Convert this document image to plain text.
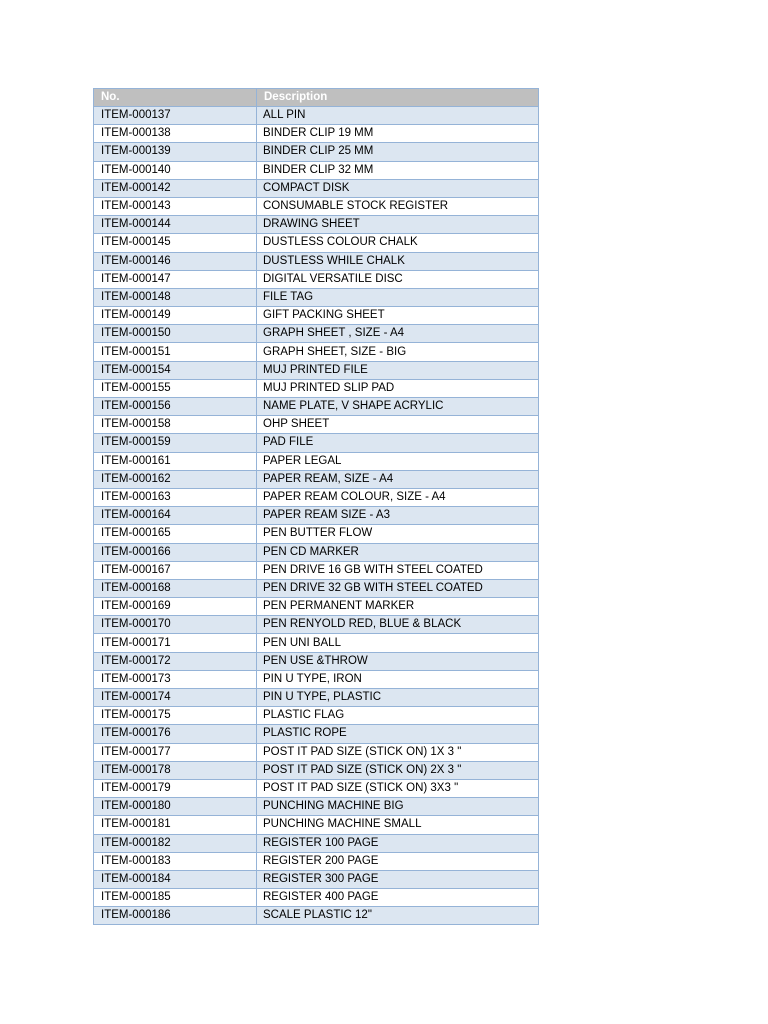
No.	Description
ITEM-000137	ALL PIN
ITEM-000138	BINDER CLIP 19 MM
ITEM-000139	BINDER CLIP 25 MM
ITEM-000140	BINDER CLIP 32 MM
ITEM-000142	COMPACT DISK
ITEM-000143	CONSUMABLE STOCK REGISTER
ITEM-000144	DRAWING SHEET
ITEM-000145	DUSTLESS COLOUR CHALK
ITEM-000146	DUSTLESS WHILE CHALK
ITEM-000147	DIGITAL VERSATILE DISC
ITEM-000148	FILE TAG
ITEM-000149	GIFT PACKING SHEET
ITEM-000150	GRAPH SHEET , SIZE - A4
ITEM-000151	GRAPH SHEET, SIZE - BIG
ITEM-000154	MUJ PRINTED FILE
ITEM-000155	MUJ PRINTED SLIP PAD
ITEM-000156	NAME PLATE, V SHAPE ACRYLIC
ITEM-000158	OHP SHEET
ITEM-000159	PAD FILE
ITEM-000161	PAPER LEGAL
ITEM-000162	PAPER REAM, SIZE - A4
ITEM-000163	PAPER REAM COLOUR, SIZE - A4
ITEM-000164	PAPER REAM SIZE - A3
ITEM-000165	PEN BUTTER FLOW
ITEM-000166	PEN CD MARKER
ITEM-000167	PEN DRIVE 16 GB WITH STEEL COATED
ITEM-000168	PEN DRIVE 32 GB WITH STEEL COATED
ITEM-000169	PEN PERMANENT MARKER
ITEM-000170	PEN RENYOLD RED, BLUE & BLACK
ITEM-000171	PEN UNI BALL
ITEM-000172	PEN USE &THROW
ITEM-000173	PIN U TYPE, IRON
ITEM-000174	PIN U TYPE, PLASTIC
ITEM-000175	PLASTIC FLAG
ITEM-000176	PLASTIC ROPE
ITEM-000177	POST IT PAD SIZE (STICK ON) 1X 3 "
ITEM-000178	POST IT PAD SIZE (STICK ON) 2X 3 "
ITEM-000179	POST IT PAD SIZE (STICK ON) 3X3 "
ITEM-000180	PUNCHING MACHINE BIG
ITEM-000181	PUNCHING MACHINE SMALL
ITEM-000182	REGISTER 100 PAGE
ITEM-000183	REGISTER 200 PAGE
ITEM-000184	REGISTER 300 PAGE
ITEM-000185	REGISTER 400 PAGE
ITEM-000186	SCALE PLASTIC 12"
